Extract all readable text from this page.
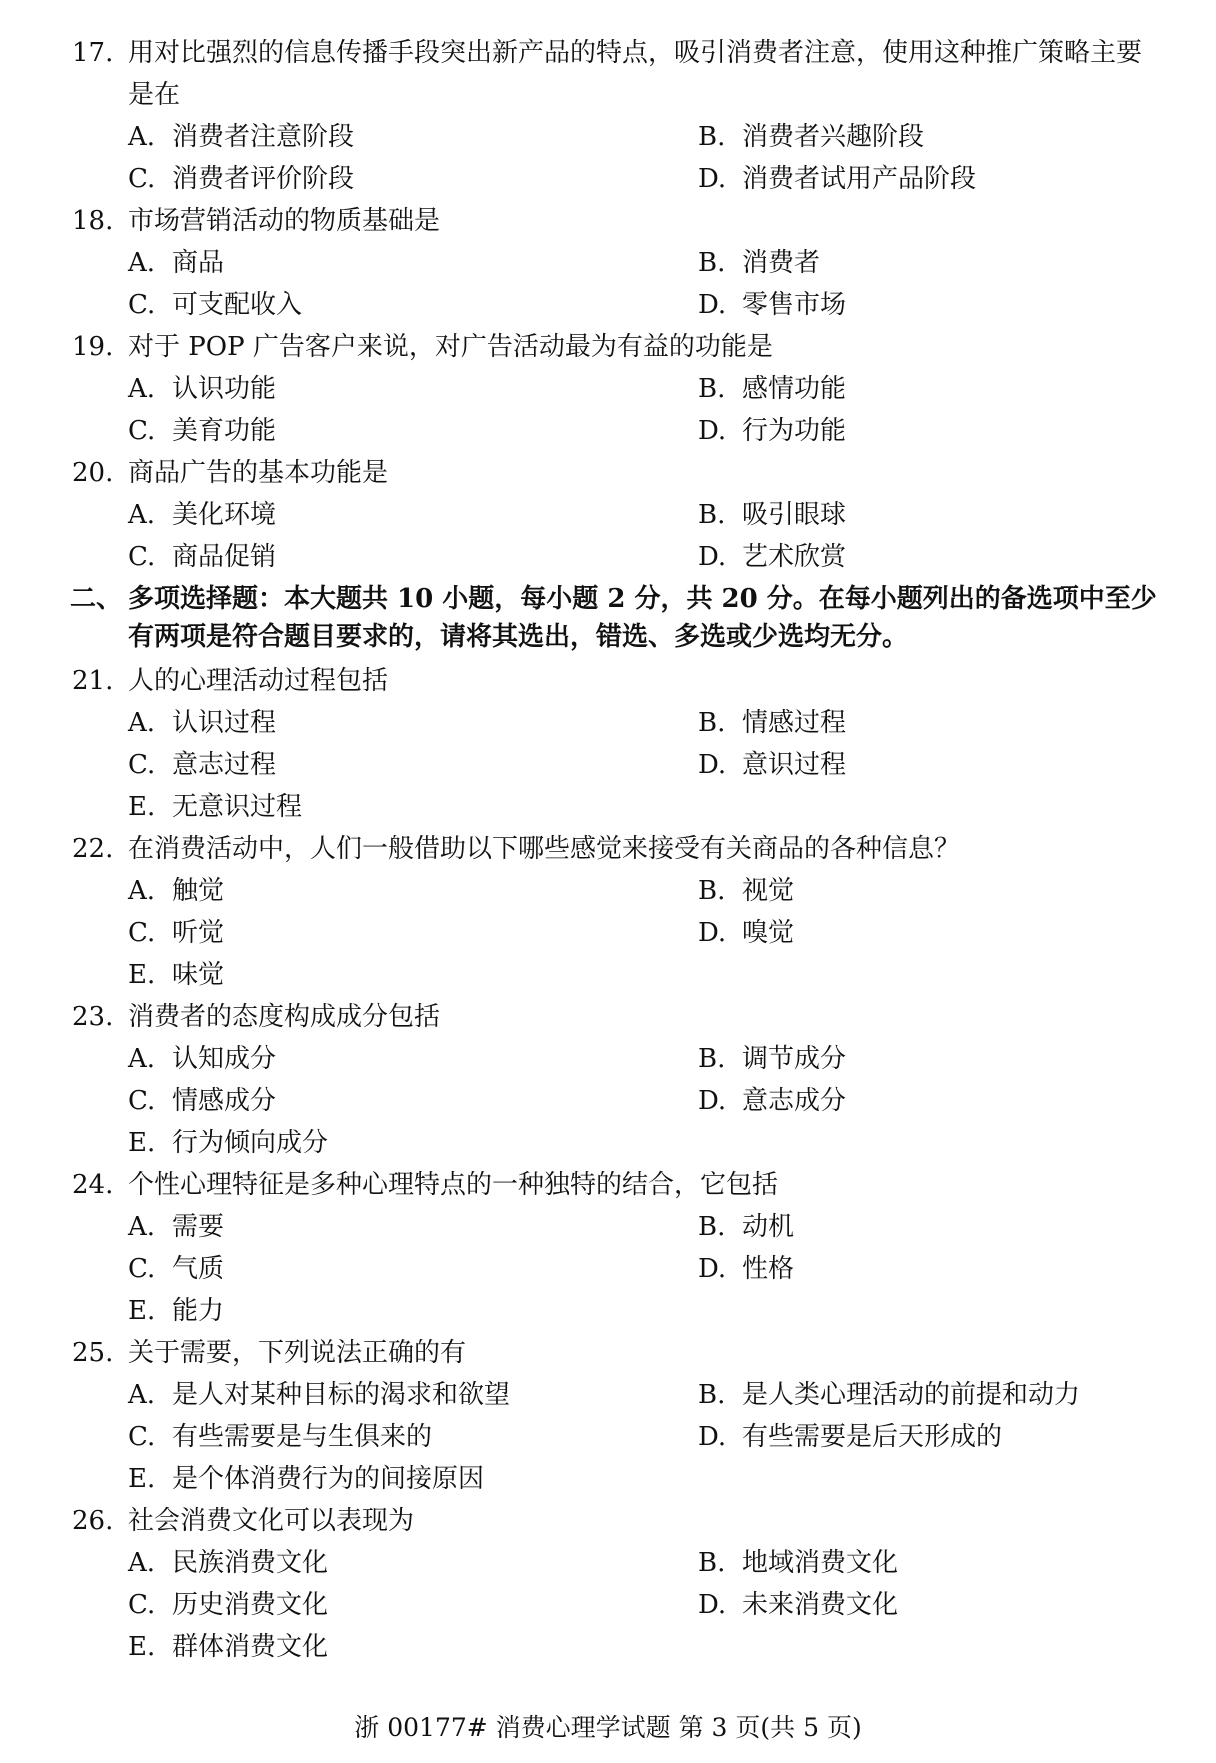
17. 用对比强烈的信息传播手段突出新产品的特点，吸引消费者注意，使用这种推广策略主要是在
A. 消费者注意阶段	B. 消费者兴趣阶段
C. 消费者评价阶段	D. 消费者试用产品阶段
18. 市场营销活动的物质基础是
A. 商品	B. 消费者
C. 可支配收入	D. 零售市场
19. 对于 POP 广告客户来说，对广告活动最为有益的功能是
A. 认识功能	B. 感情功能
C. 美育功能	D. 行为功能
20. 商品广告的基本功能是
A. 美化环境	B. 吸引眼球
C. 商品促销	D. 艺术欣赏
二、 多项选择题：本大题共 10 小题，每小题 2 分，共 20 分。在每小题列出的备选项中至少有两项是符合题目要求的，请将其选出，错选、多选或少选均无分。
21. 人的心理活动过程包括
A. 认识过程	B. 情感过程
C. 意志过程	D. 意识过程
E. 无意识过程
22. 在消费活动中，人们一般借助以下哪些感觉来接受有关商品的各种信息？
A. 触觉	B. 视觉
C. 听觉	D. 嗅觉
E. 味觉
23. 消费者的态度构成成分包括
A. 认知成分	B. 调节成分
C. 情感成分	D. 意志成分
E. 行为倾向成分
24. 个性心理特征是多种心理特点的一种独特的结合，它包括
A. 需要	B. 动机
C. 气质	D. 性格
E. 能力
25. 关于需要，下列说法正确的有
A. 是人对某种目标的渴求和欲望	B. 是人类心理活动的前提和动力
C. 有些需要是与生俱来的	D. 有些需要是后天形成的
E. 是个体消费行为的间接原因
26. 社会消费文化可以表现为
A. 民族消费文化	B. 地域消费文化
C. 历史消费文化	D. 未来消费文化
E. 群体消费文化
浙 00177# 消费心理学试题 第 3 页(共 5 页)
